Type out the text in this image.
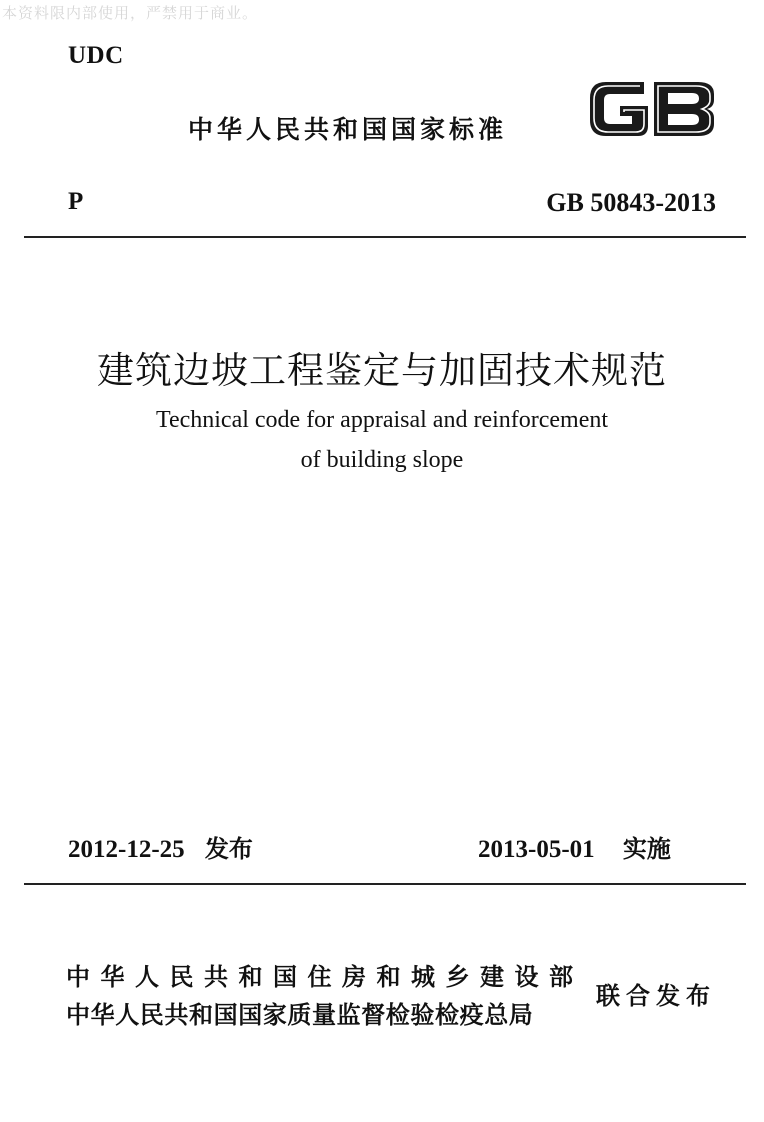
本资料限内部使用，严禁用于商业。
UDC
中华人民共和国国家标准
P	GB 50843-2013
建筑边坡工程鉴定与加固技术规范
Technical code for appraisal and reinforcement
of building slope
2012-12-25 发布	2013-05-01 实施
中华人民共和国住房和城乡建设部
中华人民共和国国家质量监督检验检疫总局
联合发布
